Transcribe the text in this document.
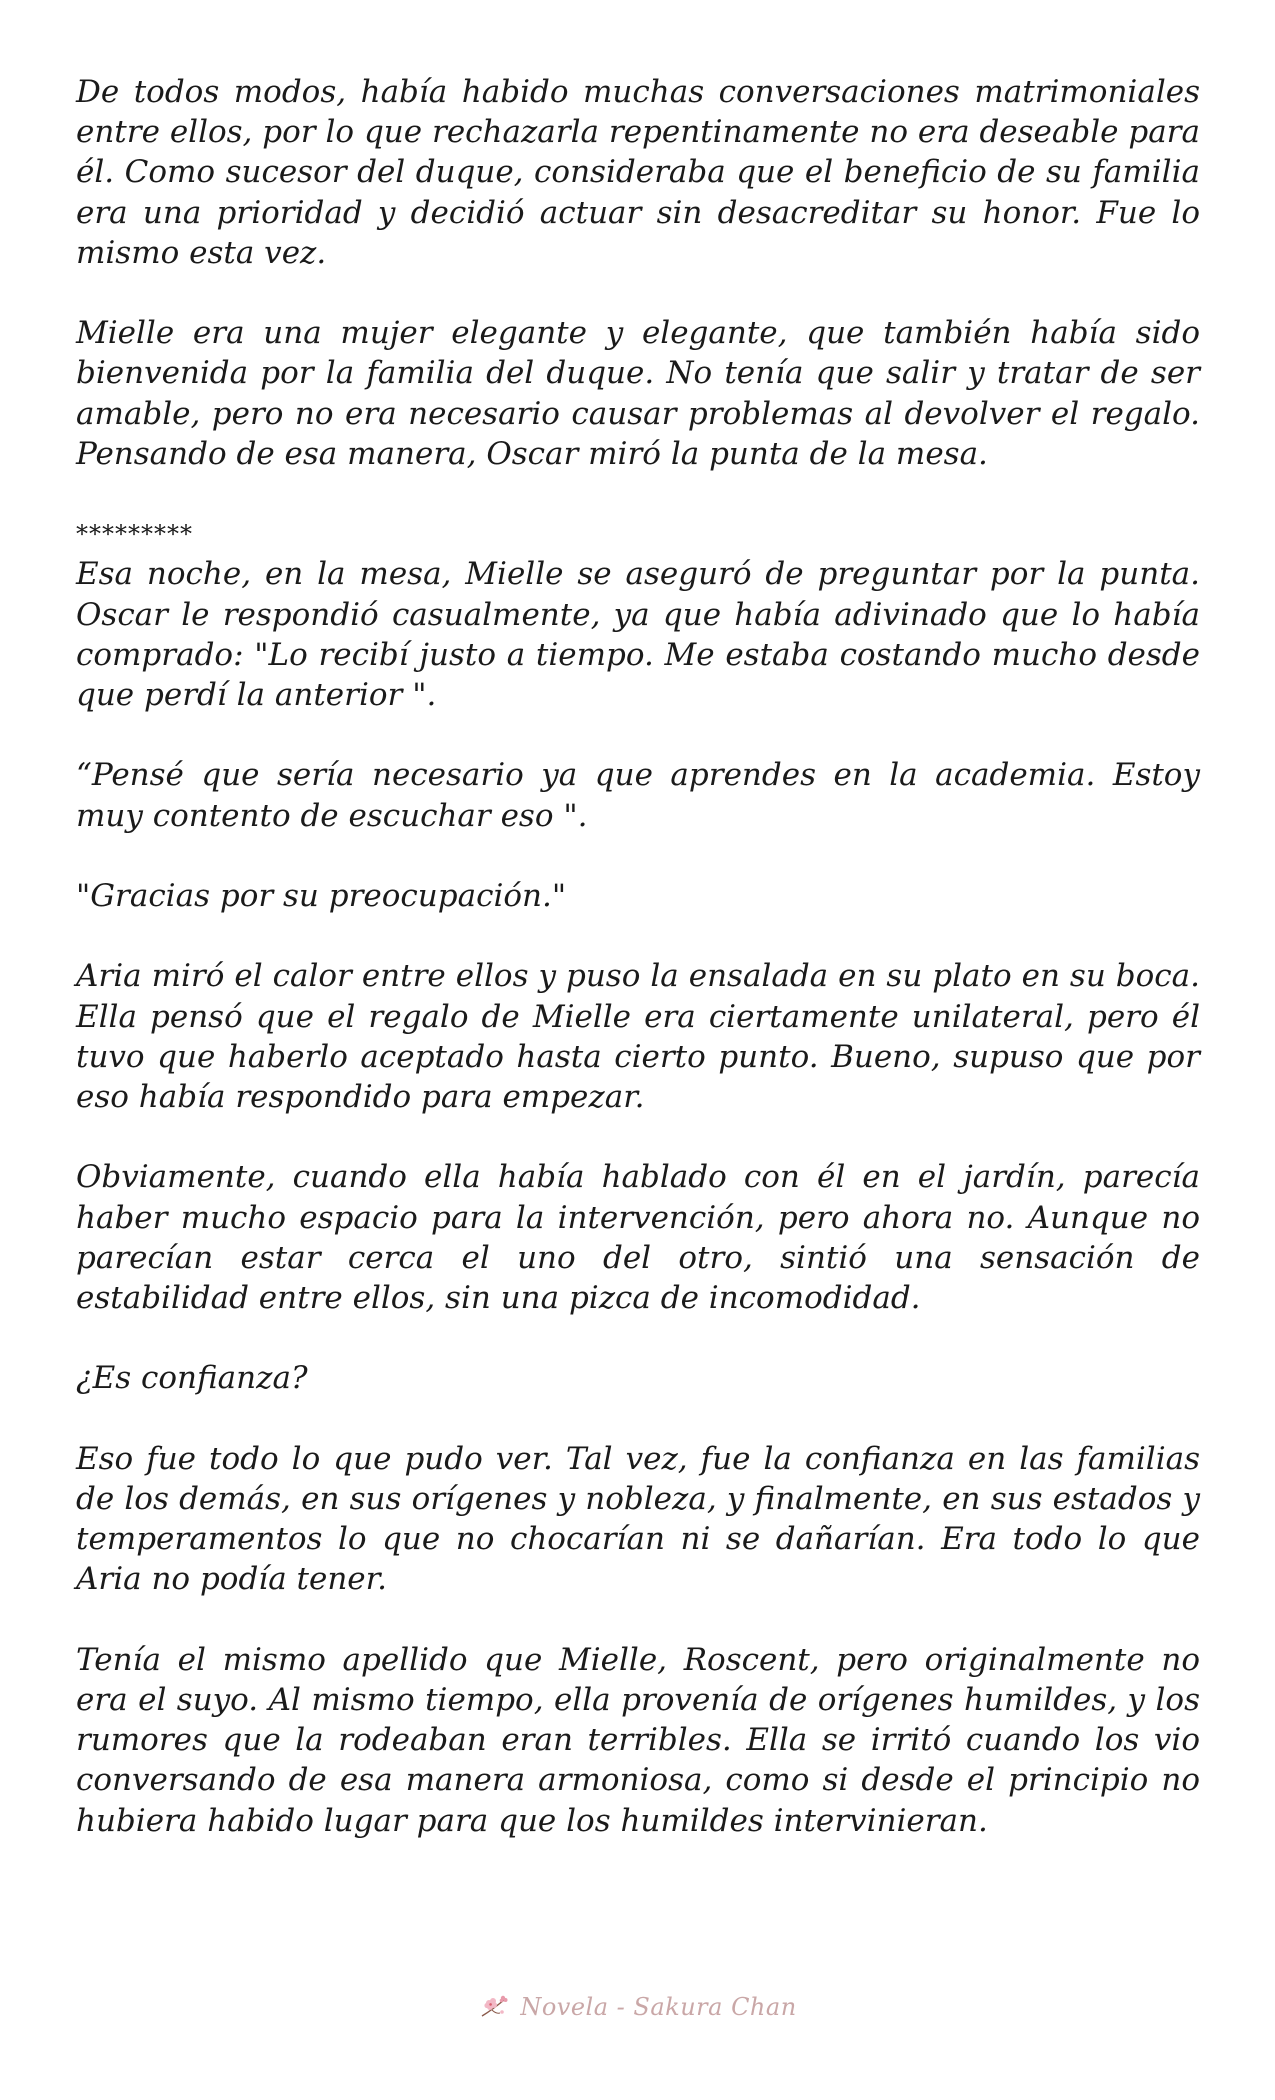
De todos modos, había habido muchas conversaciones matrimoniales entre ellos, por lo que rechazarla repentinamente no era deseable para él. Como sucesor del duque, consideraba que el beneficio de su familia era una prioridad y decidió actuar sin desacreditar su honor. Fue lo mismo esta vez.

Mielle era una mujer elegante y elegante, que también había sido bienvenida por la familia del duque. No tenía que salir y tratar de ser amable, pero no era necesario causar problemas al devolver el regalo. Pensando de esa manera, Oscar miró la punta de la mesa.

*********

Esa noche, en la mesa, Mielle se aseguró de preguntar por la punta. Oscar le respondió casualmente, ya que había adivinado que lo había comprado: "Lo recibí justo a tiempo. Me estaba costando mucho desde que perdí la anterior ".

“Pensé que sería necesario ya que aprendes en la academia. Estoy muy contento de escuchar eso ".

"Gracias por su preocupación."

Aria miró el calor entre ellos y puso la ensalada en su plato en su boca. Ella pensó que el regalo de Mielle era ciertamente unilateral, pero él tuvo que haberlo aceptado hasta cierto punto. Bueno, supuso que por eso había respondido para empezar.

Obviamente, cuando ella había hablado con él en el jardín, parecía haber mucho espacio para la intervención, pero ahora no. Aunque no parecían estar cerca el uno del otro, sintió una sensación de estabilidad entre ellos, sin una pizca de incomodidad.

¿Es confianza?

Eso fue todo lo que pudo ver. Tal vez, fue la confianza en las familias de los demás, en sus orígenes y nobleza, y finalmente, en sus estados y temperamentos lo que no chocarían ni se dañarían. Era todo lo que Aria no podía tener.

Tenía el mismo apellido que Mielle, Roscent, pero originalmente no era el suyo. Al mismo tiempo, ella provenía de orígenes humildes, y los rumores que la rodeaban eran terribles. Ella se irritó cuando los vio conversando de esa manera armoniosa, como si desde el principio no hubiera habido lugar para que los humildes intervinieran.

Novela - Sakura Chan
